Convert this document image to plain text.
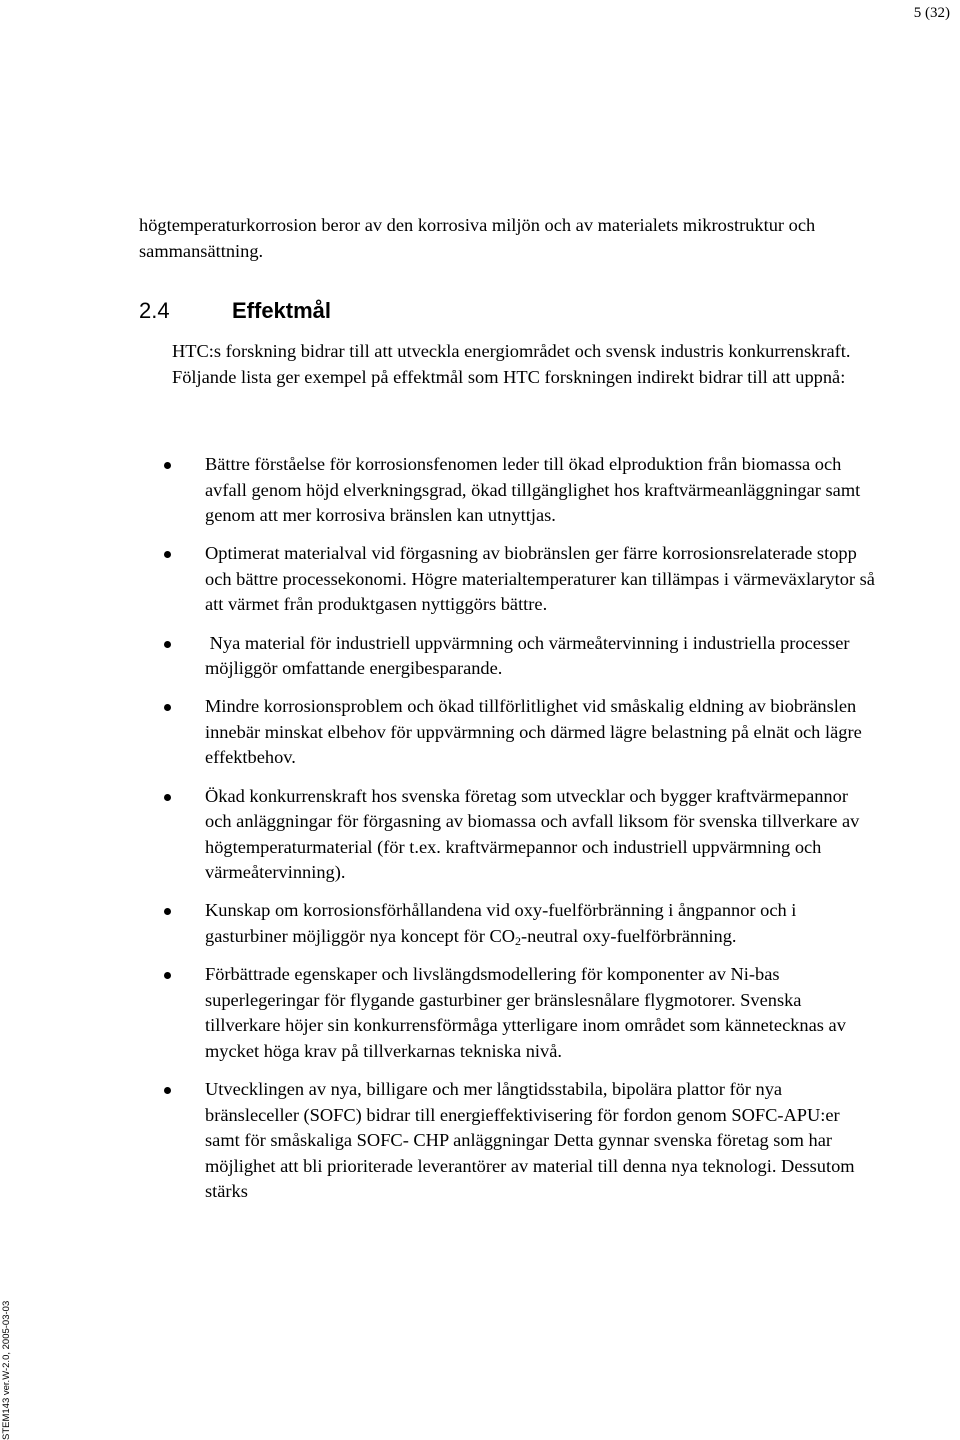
5 (32)
STEM143 ver.W-2.0, 2005-03-03

högtemperaturkorrosion beror av den korrosiva miljön och av materialets mikrostruktur och sammansättning.

2.4	Effektmål

HTC:s forskning bidrar till att utveckla energiområdet och svensk industris konkurrenskraft. Följande lista ger exempel på effektmål som HTC forskningen indirekt bidrar till att uppnå:

Bättre förståelse för korrosionsfenomen leder till ökad elproduktion från biomassa och avfall genom höjd elverkningsgrad, ökad tillgänglighet hos kraftvärmeanläggningar samt genom att mer korrosiva bränslen kan utnyttjas.
Optimerat materialval vid förgasning av biobränslen ger färre korrosionsrelaterade stopp och bättre processekonomi. Högre materialtemperaturer kan tillämpas i värmeväxlarytor så att värmet från produktgasen nyttiggörs bättre.
Nya material för industriell uppvärmning och värmeåtervinning i industriella processer möjliggör omfattande energibesparande.
Mindre korrosionsproblem och ökad tillförlitlighet vid småskalig eldning av biobränslen innebär minskat elbehov för uppvärmning och därmed lägre belastning på elnät och lägre effektbehov.
Ökad konkurrenskraft hos svenska företag som utvecklar och bygger kraftvärmepannor och anläggningar för förgasning av biomassa och avfall liksom för svenska tillverkare av högtemperaturmaterial (för t.ex. kraftvärmepannor och industriell uppvärmning och värmeåtervinning).
Kunskap om korrosionsförhållandena vid oxy-fuelförbränning i ångpannor och i gasturbiner möjliggör nya koncept för $CO_2$-neutral oxy-fuelförbränning.
Förbättrade egenskaper och livslängdsmodellering för komponenter av Ni-bas superlegeringar för flygande gasturbiner ger bränslesnålare flygmotorer. Svenska tillverkare höjer sin konkurrensförmåga ytterligare inom området som kännetecknas av mycket höga krav på tillverkarnas tekniska nivå.
Utvecklingen av nya, billigare och mer långtidsstabila, bipolära plattor för nya bränsleceller (SOFC) bidrar till energieffektivisering för fordon genom SOFC-APU:er samt för småskaliga SOFC- CHP anläggningar Detta gynnar svenska företag som har möjlighet att bli prioriterade leverantörer av material till denna nya teknologi. Dessutom stärks
